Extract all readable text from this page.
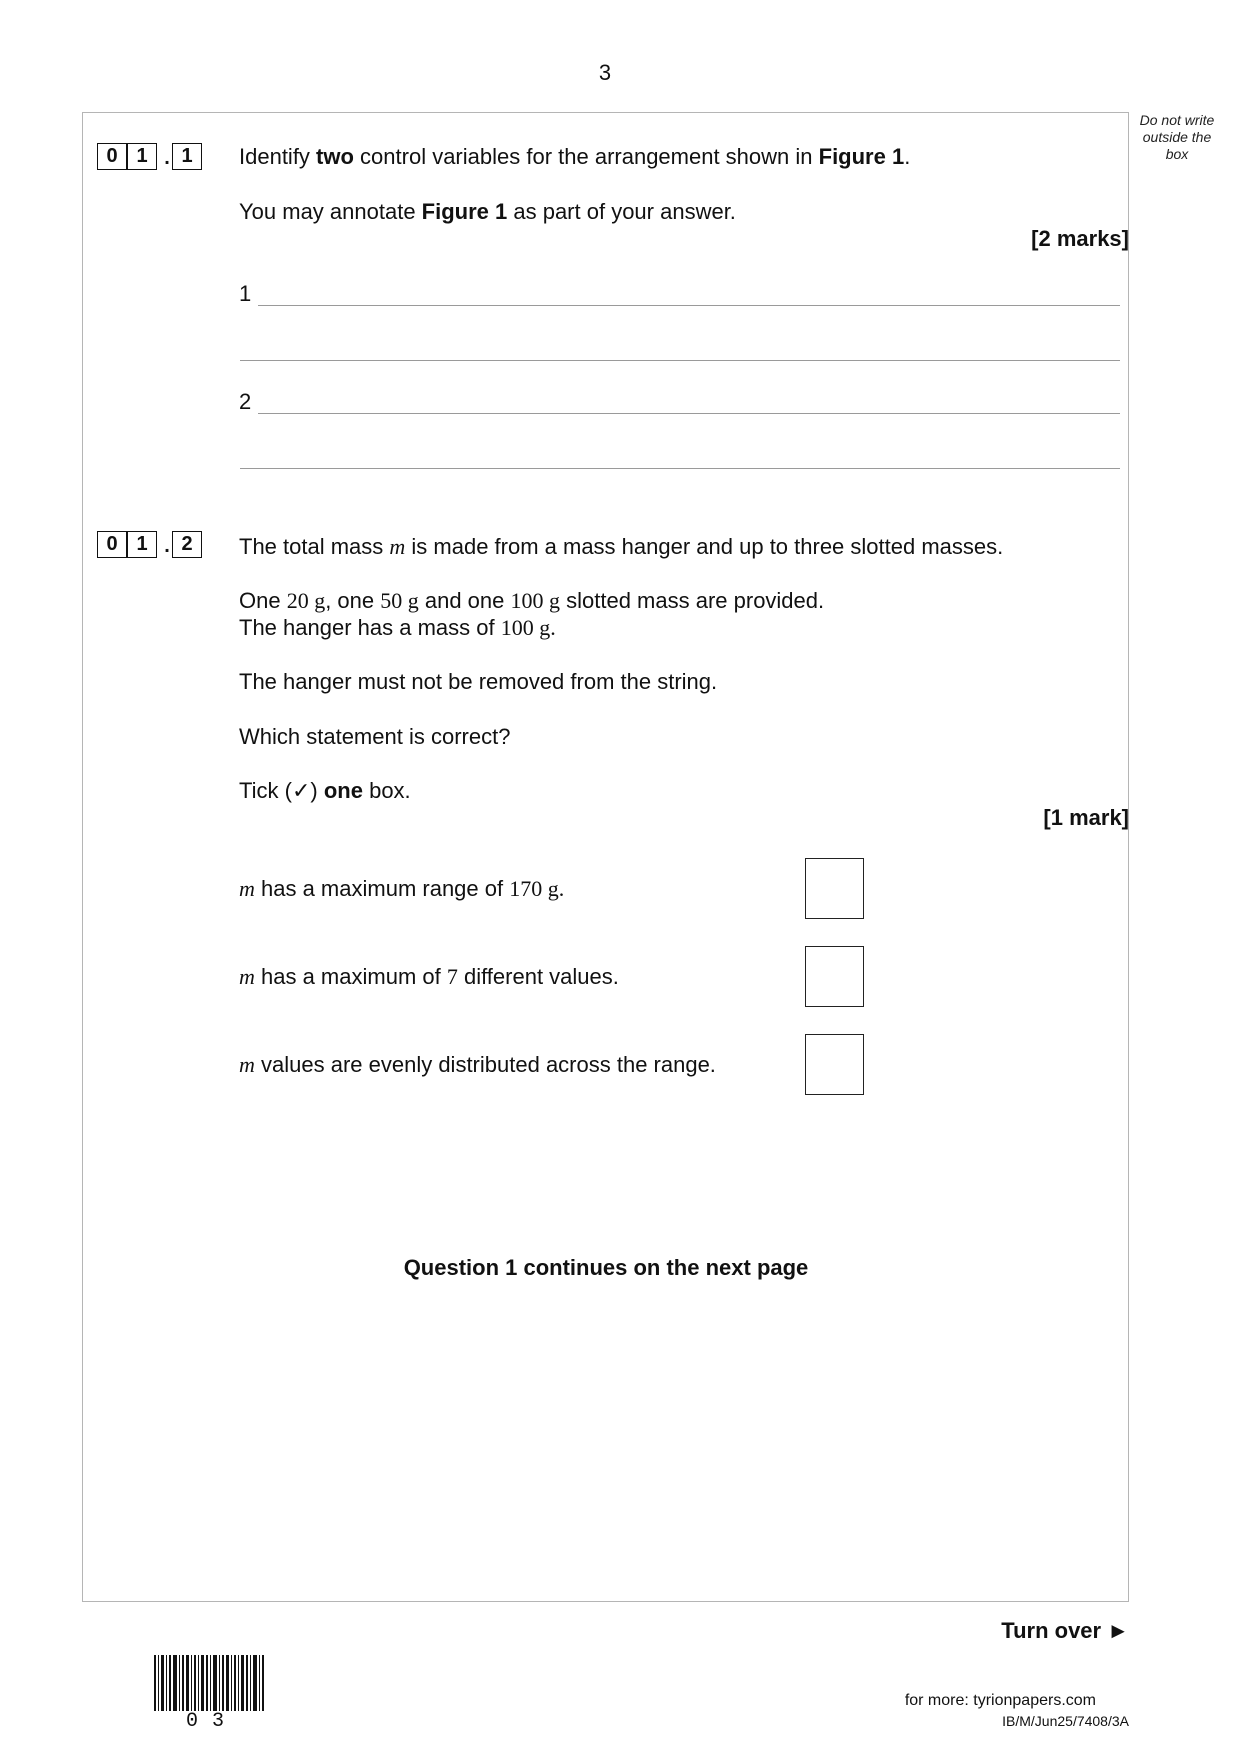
3
Do not write outside the box
0 1 . 1	Identify two control variables for the arrangement shown in Figure 1.
You may annotate Figure 1 as part of your answer.
[2 marks]
1
2
0 1 . 2	The total mass m is made from a mass hanger and up to three slotted masses.
One 20 g, one 50 g and one 100 g slotted mass are provided.
The hanger has a mass of 100 g.
The hanger must not be removed from the string.
Which statement is correct?
Tick (✓) one box.
[1 mark]
m has a maximum range of 170 g.
m has a maximum of 7 different values.
m values are evenly distributed across the range.
Question 1 continues on the next page
Turn over ►
0 3
for more: tyrionpapers.com
IB/M/Jun25/7408/3A
